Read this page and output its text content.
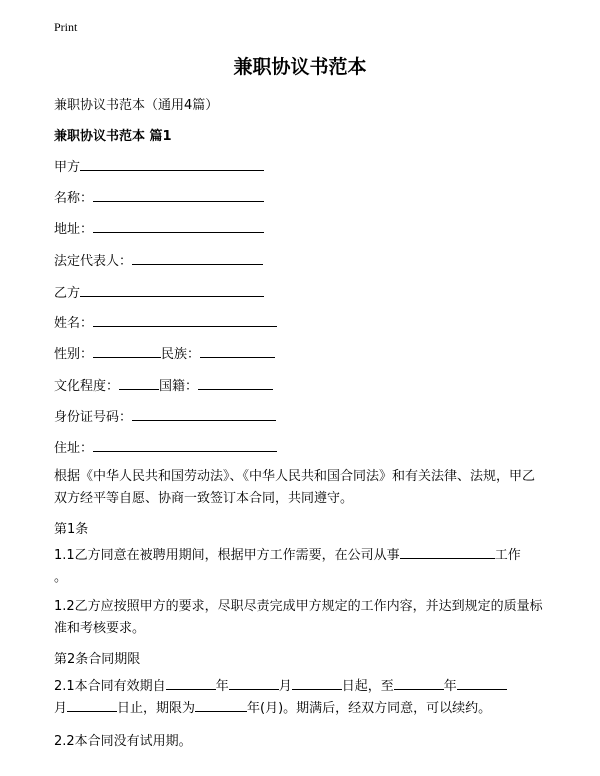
Print
兼职协议书范本
兼职协议书范本（通用4篇）
兼职协议书范本 篇1
甲方
名称：
地址：
法定代表人：
乙方
姓名：
性别：	民族：
文化程度：	国籍：
身份证号码：
住址：
根据《中华人民共和国劳动法》、《中华人民共和国合同法》和有关法律、法规，甲乙双方经平等自愿、协商一致签订本合同，共同遵守。
第1条
1.1乙方同意在被聘用期间，根据甲方工作需要，在公司从事	工作
。
1.2乙方应按照甲方的要求，尽职尽责完成甲方规定的工作内容，并达到规定的质量标准和考核要求。
第2条合同期限
2.1本合同有效期自	年	月	日起，至	年
月	日止，期限为	年(月)。期满后，经双方同意，可以续约。
2.2本合同没有试用期。
